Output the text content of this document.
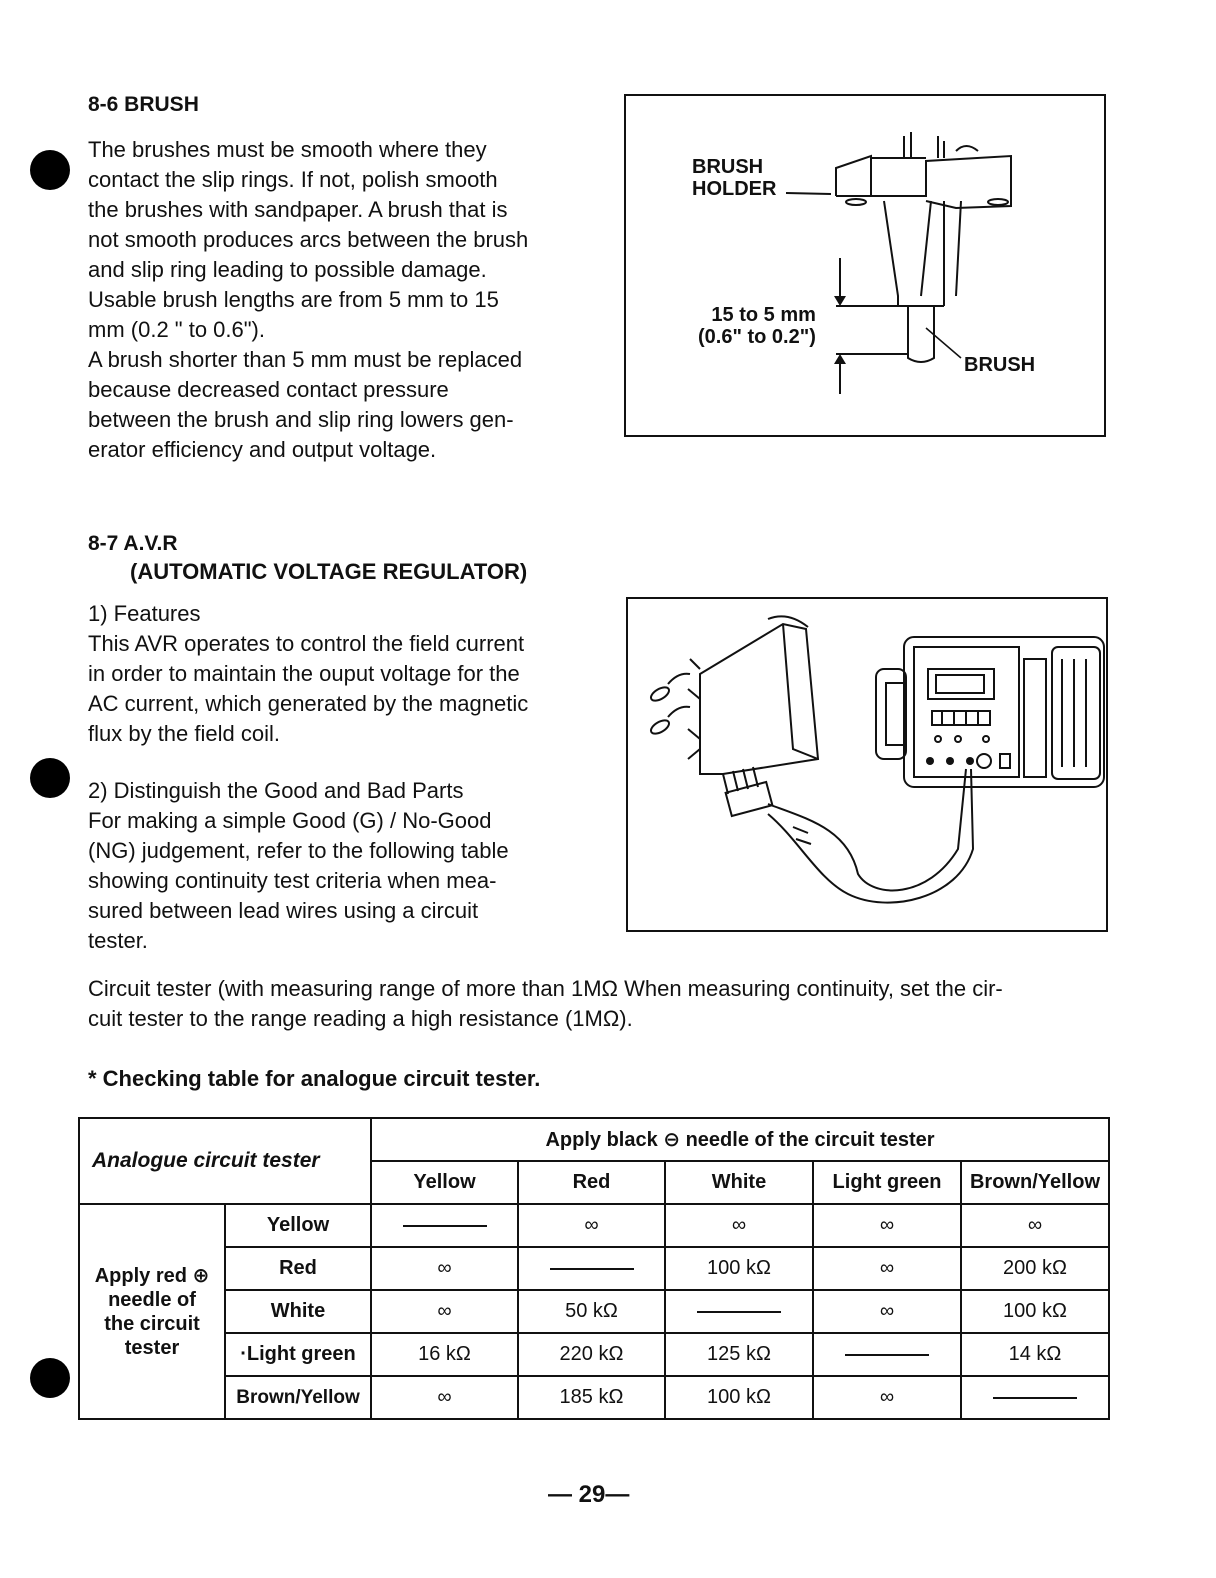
8-6 BRUSH
The brushes must be smooth where they
contact the slip rings. If not, polish smooth
the brushes with sandpaper. A brush that is
not smooth produces arcs between the brush
and slip ring leading to possible damage.
Usable brush lengths are from 5 mm to 15
mm (0.2 " to 0.6").
A brush shorter than 5 mm must be replaced
because decreased contact pressure
between the brush and slip ring lowers gen-
erator efficiency and output voltage.
BRUSH
HOLDER
15 to 5 mm
(0.6" to 0.2")
BRUSH
8-7 A.V.R
(AUTOMATIC VOLTAGE REGULATOR)
1) Features
This AVR operates to control the field current
in order to maintain the ouput voltage for the
AC current, which generated by the magnetic
flux by the field coil.
2) Distinguish the Good and Bad Parts
For making a simple Good (G) / No-Good
(NG) judgement, refer to the following table
showing continuity test criteria when mea-
sured between lead wires using a circuit
tester.
Circuit tester (with measuring range of more than 1MΩ When measuring continuity, set the cir-
cuit tester to the range reading a high resistance (1MΩ).
* Checking table for analogue circuit tester.
Analogue circuit tester		Apply black ⊖ needle of the circuit tester				
		Yellow	Red	White	Light green	Brown/Yellow

Apply red ⊕
needle of
the circuit
tester	Yellow		∞	∞	∞	∞
	Red	∞		100 kΩ	∞	200 kΩ
	White	∞	50 kΩ		∞	100 kΩ
	·Light green	16 kΩ	220 kΩ	125 kΩ		14 kΩ
	Brown/Yellow	∞	185 kΩ	100 kΩ	∞	
— 29—
